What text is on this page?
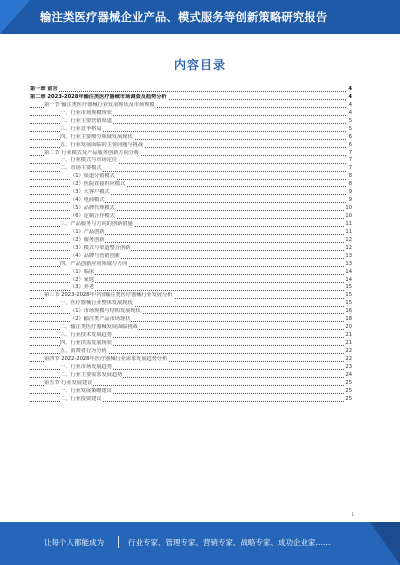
输注类医疗器械企业产品、模式服务等创新策略研究报告
内容目录
第一章 前言	4
第二章 2023-2028年输注类医疗器械市场调查及趋势分析	4
第一节 输注类医疗器械行业发展现状及市场规模	4
一、行业市场规模现状	4
二、行业主要营销渠道	5
三、行业竞争格局	5
四、行业主要细分领域发展现状	6
五、行业发展面临的主要问题与挑战	6
第二节 行业模式及产品服务创新方向分析	7
一、行业模式与市场定位	7
二、市场主要模式	7
（1）渠道分销模式	8
（2）医院直接供应模式	8
（3）大客户模式	9
（4）电商模式	9
（5）品牌代理模式	10
（6）定制合作模式	10
三、产品服务与方向的创新措施	11
（1）产品创新	11
（2）服务创新	12
（3）模式与渠道整合创新	12
（4）品牌与营销创新	13
四、产品创新应用领域与方向	13
（1）临床	14
（2）家庭	14
（3）养老	15
第三节 2023-2028年中国输注类医疗器械行业发展分析	15
一、医疗器械行业整体发展现状	15
（1）市场规模与结构发展现状	16
（2）输注类产品市场现状	18
二、输注类医疗器械发展面临挑战	20
三、行业技术发展趋势	21
四、行业供需发展现状	21
五、消费者行为分析	22
第四节 2022-2028年医疗器械行业需求发展趋势分析	22
一、行业市场发展趋势	23
二、行业主要需求发展趋势	24
第五节 行业发展建议	25
一、行业发展策略建议	25
二、行业投资建议	25
1
让每个人都能成为	行业专家、管理专家、营销专家、战略专家、成功企业家……
